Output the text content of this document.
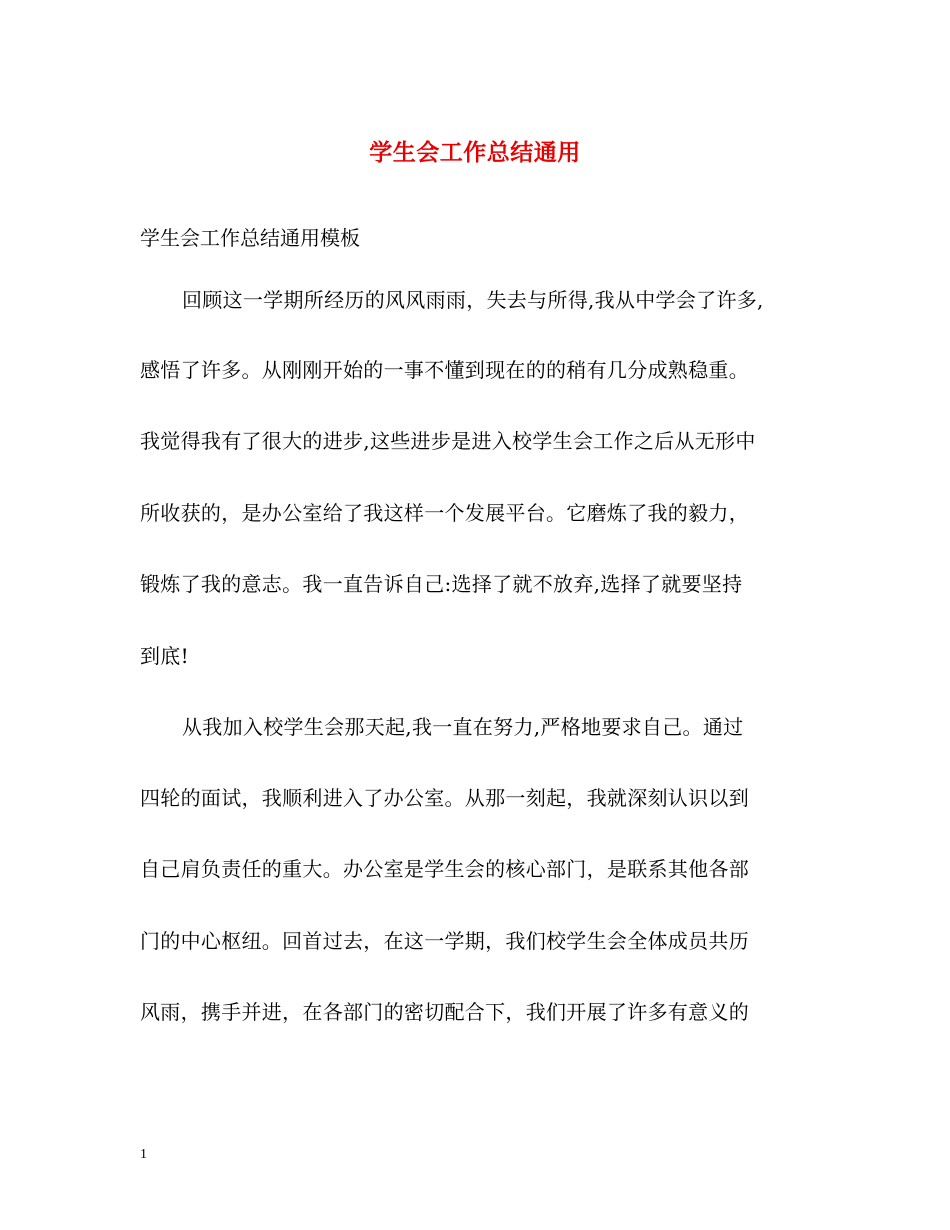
学生会工作总结通用
学生会工作总结通用模板
回顾这一学期所经历的风风雨雨，失去与所得,我从中学会了许多,
感悟了许多。从刚刚开始的一事不懂到现在的的稍有几分成熟稳重。
我觉得我有了很大的进步,这些进步是进入校学生会工作之后从无形中
所收获的，是办公室给了我这样一个发展平台。它磨炼了我的毅力，
锻炼了我的意志。我一直告诉自己:选择了就不放弃,选择了就要坚持
到底!
从我加入校学生会那天起,我一直在努力,严格地要求自己。通过
四轮的面试，我顺利进入了办公室。从那一刻起，我就深刻认识以到
自己肩负责任的重大。办公室是学生会的核心部门，是联系其他各部
门的中心枢纽。回首过去，在这一学期，我们校学生会全体成员共历
风雨，携手并进，在各部门的密切配合下，我们开展了许多有意义的
1
